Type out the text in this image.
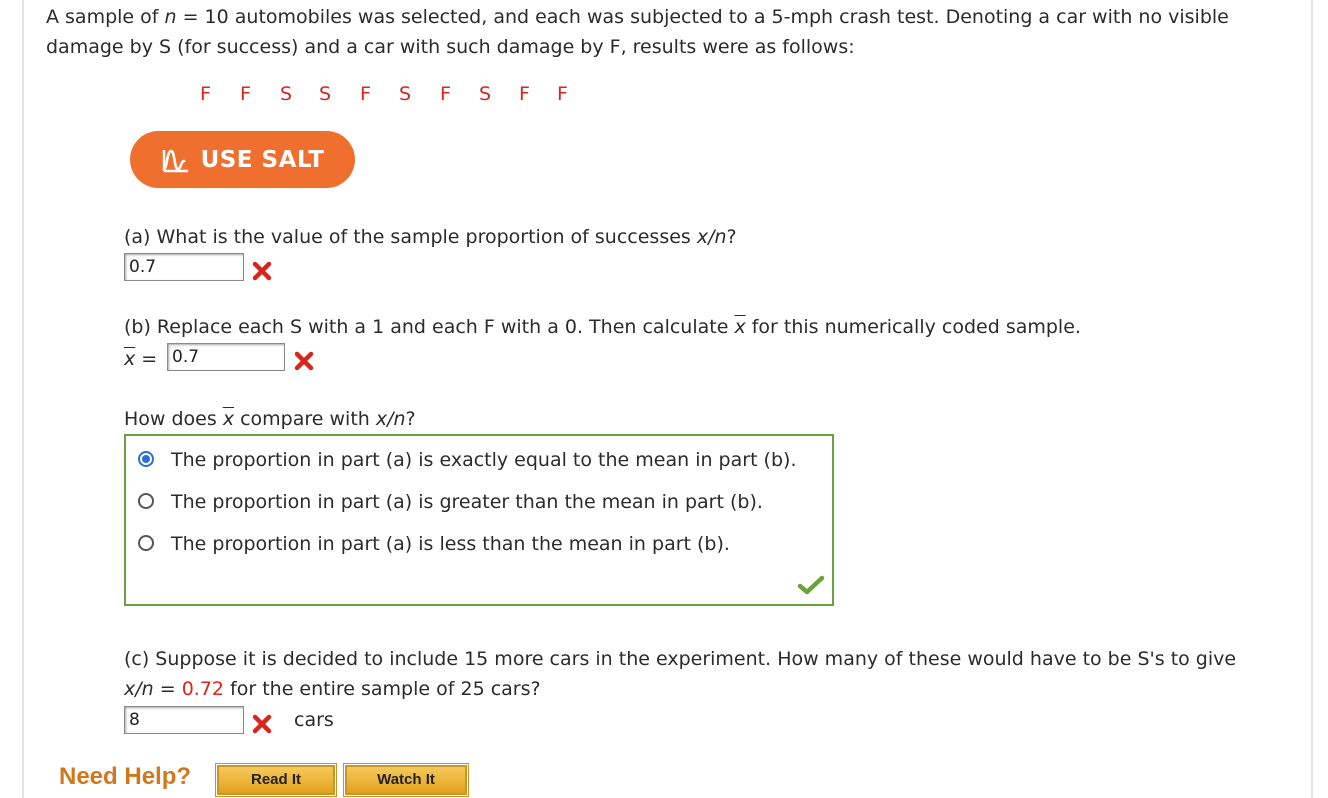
A sample of n = 10 automobiles was selected, and each was subjected to a 5-mph crash test. Denoting a car with no visible damage by S (for success) and a car with such damage by F, results were as follows:
F F S S F S F S F F
USE SALT
(a) What is the value of the sample proportion of successes x/n?
0.7
(b) Replace each S with a 1 and each F with a 0. Then calculate $\overline{x}$ for this numerically coded sample.
$\overline{x} = 0.7$
How does $\overline{x}$ compare with x/n?
The proportion in part (a) is exactly equal to the mean in part (b).
The proportion in part (a) is greater than the mean in part (b).
The proportion in part (a) is less than the mean in part (b).
(c) Suppose it is decided to include 15 more cars in the experiment. How many of these would have to be S's to give
x/n = 0.72 for the entire sample of 25 cars?
8	cars
Need Help?	Read It	Watch It
